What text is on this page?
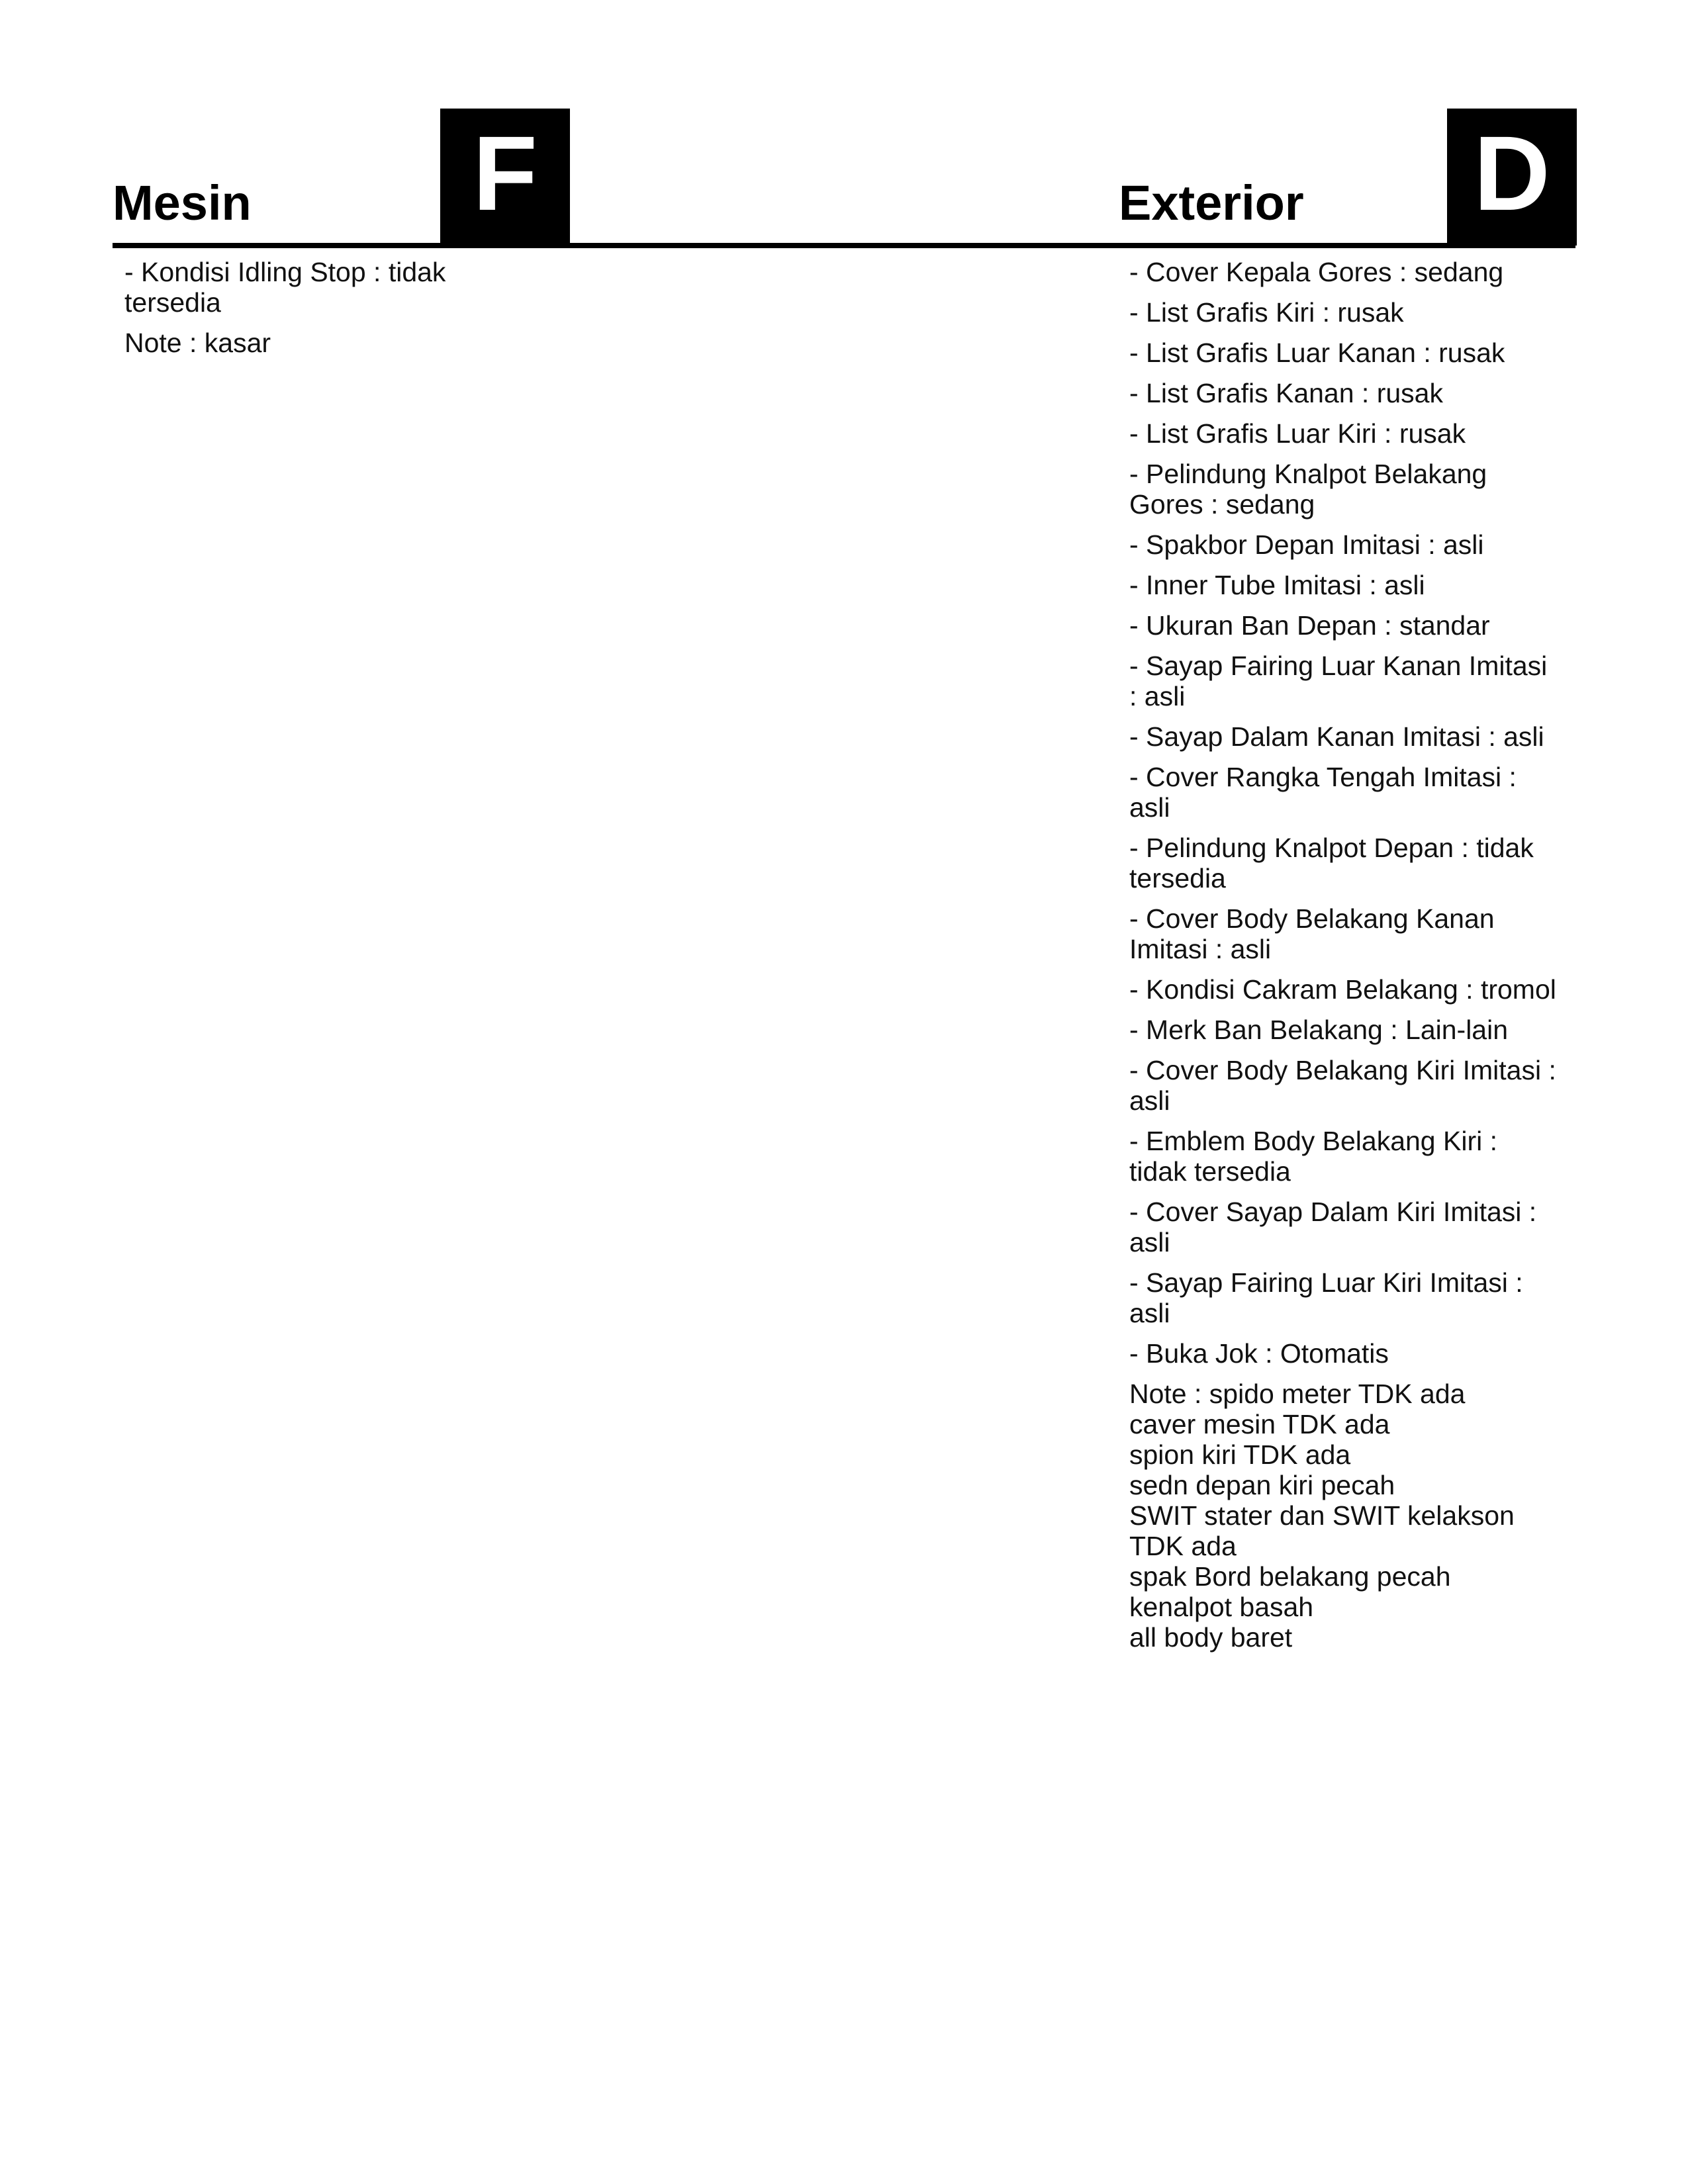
Mesin	F
- Kondisi Idling Stop : tidak tersedia
Note : kasar
Exterior D
- Cover Kepala Gores : sedang
- List Grafis Kiri : rusak
- List Grafis Luar Kanan : rusak
- List Grafis Kanan : rusak
- List Grafis Luar Kiri : rusak
- Pelindung Knalpot Belakang Gores : sedang
- Spakbor Depan Imitasi : asli
- Inner Tube Imitasi : asli
- Ukuran Ban Depan : standar
- Sayap Fairing Luar Kanan Imitasi : asli
- Sayap Dalam Kanan Imitasi : asli
- Cover Rangka Tengah Imitasi : asli
- Pelindung Knalpot Depan : tidak tersedia
- Cover Body Belakang Kanan Imitasi : asli
- Kondisi Cakram Belakang : tromol
- Merk Ban Belakang : Lain-lain
- Cover Body Belakang Kiri Imitasi : asli
- Emblem Body Belakang Kiri : tidak tersedia
- Cover Sayap Dalam Kiri Imitasi : asli
- Sayap Fairing Luar Kiri Imitasi : asli
- Buka Jok : Otomatis
Note : spido meter TDK ada
caver mesin TDK ada
spion kiri TDK ada
sedn depan kiri pecah
SWIT stater dan SWIT kelakson TDK ada
spak Bord belakang pecah
kenalpot basah
all body baret
